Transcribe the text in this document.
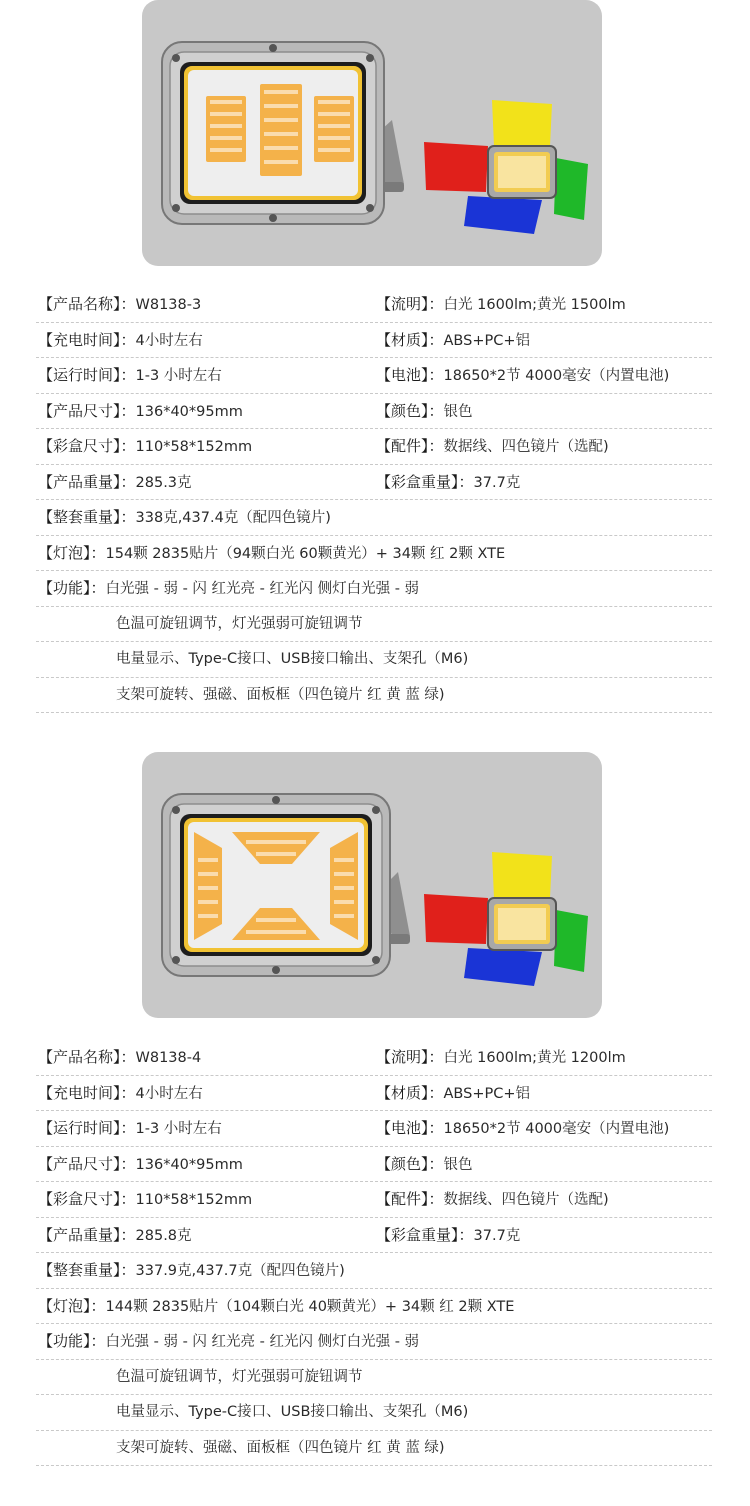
【产品名称】：W8138-3	【流明】：白光 1600lm;黄光 1500lm
【充电时间】：4小时左右	【材质】：ABS+PC+铝
【运行时间】：1-3 小时左右	【电池】：18650*2节 4000毫安（内置电池)
【产品尺寸】：136*40*95mm	【颜色】：银色
【彩盒尺寸】：110*58*152mm	【配件】：数据线、四色镜片（选配)
【产品重量】：285.3克	【彩盒重量】：37.7克
【整套重量】：338克,437.4克（配四色镜片)
【灯泡】：154颗 2835贴片（94颗白光 60颗黄光）+ 34颗 红 2颗 XTE
【功能】：白光强 - 弱 - 闪 红光亮 - 红光闪 侧灯白光强 - 弱
色温可旋钮调节，灯光强弱可旋钮调节
电量显示、Type-C接口、USB接口输出、支架孔（M6)
支架可旋转、强磁、面板框（四色镜片 红 黄 蓝 绿)
【产品名称】：W8138-4	【流明】：白光 1600lm;黄光 1200lm
【充电时间】：4小时左右	【材质】：ABS+PC+铝
【运行时间】：1-3 小时左右	【电池】：18650*2节 4000毫安（内置电池)
【产品尺寸】：136*40*95mm	【颜色】：银色
【彩盒尺寸】：110*58*152mm	【配件】：数据线、四色镜片（选配)
【产品重量】：285.8克	【彩盒重量】：37.7克
【整套重量】：337.9克,437.7克（配四色镜片)
【灯泡】：144颗 2835贴片（104颗白光 40颗黄光）+ 34颗 红 2颗 XTE
【功能】：白光强 - 弱 - 闪 红光亮 - 红光闪 侧灯白光强 - 弱
色温可旋钮调节，灯光强弱可旋钮调节
电量显示、Type-C接口、USB接口输出、支架孔（M6)
支架可旋转、强磁、面板框（四色镜片 红 黄 蓝 绿)
